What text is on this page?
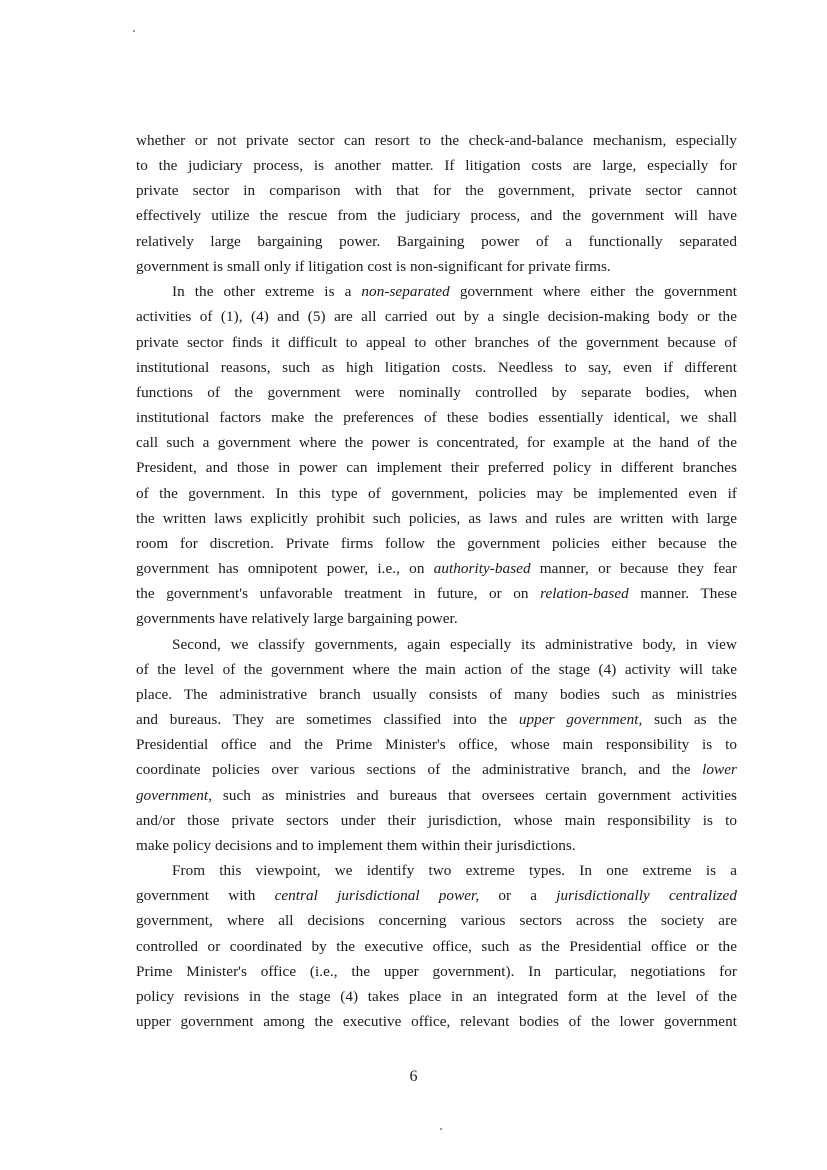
whether or not private sector can resort to the check-and-balance mechanism, especially
to the judiciary process, is another matter. If litigation costs are large, especially for
private sector in comparison with that for the government, private sector cannot
effectively utilize the rescue from the judiciary process, and the government will have
relatively large bargaining power. Bargaining power of a functionally separated
government is small only if litigation cost is non-significant for private firms.
In the other extreme is a non-separated government where either the government
activities of (1), (4) and (5) are all carried out by a single decision-making body or the
private sector finds it difficult to appeal to other branches of the government because of
institutional reasons, such as high litigation costs. Needless to say, even if different
functions of the government were nominally controlled by separate bodies, when
institutional factors make the preferences of these bodies essentially identical, we shall
call such a government where the power is concentrated, for example at the hand of the
President, and those in power can implement their preferred policy in different branches
of the government. In this type of government, policies may be implemented even if
the written laws explicitly prohibit such policies, as laws and rules are written with large
room for discretion. Private firms follow the government policies either because the
government has omnipotent power, i.e., on authority-based manner, or because they fear
the government's unfavorable treatment in future, or on relation-based manner. These
governments have relatively large bargaining power.
Second, we classify governments, again especially its administrative body, in view
of the level of the government where the main action of the stage (4) activity will take
place. The administrative branch usually consists of many bodies such as ministries
and bureaus. They are sometimes classified into the upper government, such as the
Presidential office and the Prime Minister's office, whose main responsibility is to
coordinate policies over various sections of the administrative branch, and the lower
government, such as ministries and bureaus that oversees certain government activities
and/or those private sectors under their jurisdiction, whose main responsibility is to
make policy decisions and to implement them within their jurisdictions.
From this viewpoint, we identify two extreme types. In one extreme is a
government with central jurisdictional power, or a jurisdictionally centralized
government, where all decisions concerning various sectors across the society are
controlled or coordinated by the executive office, such as the Presidential office or the
Prime Minister's office (i.e., the upper government). In particular, negotiations for
policy revisions in the stage (4) takes place in an integrated form at the level of the
upper government among the executive office, relevant bodies of the lower government
6
